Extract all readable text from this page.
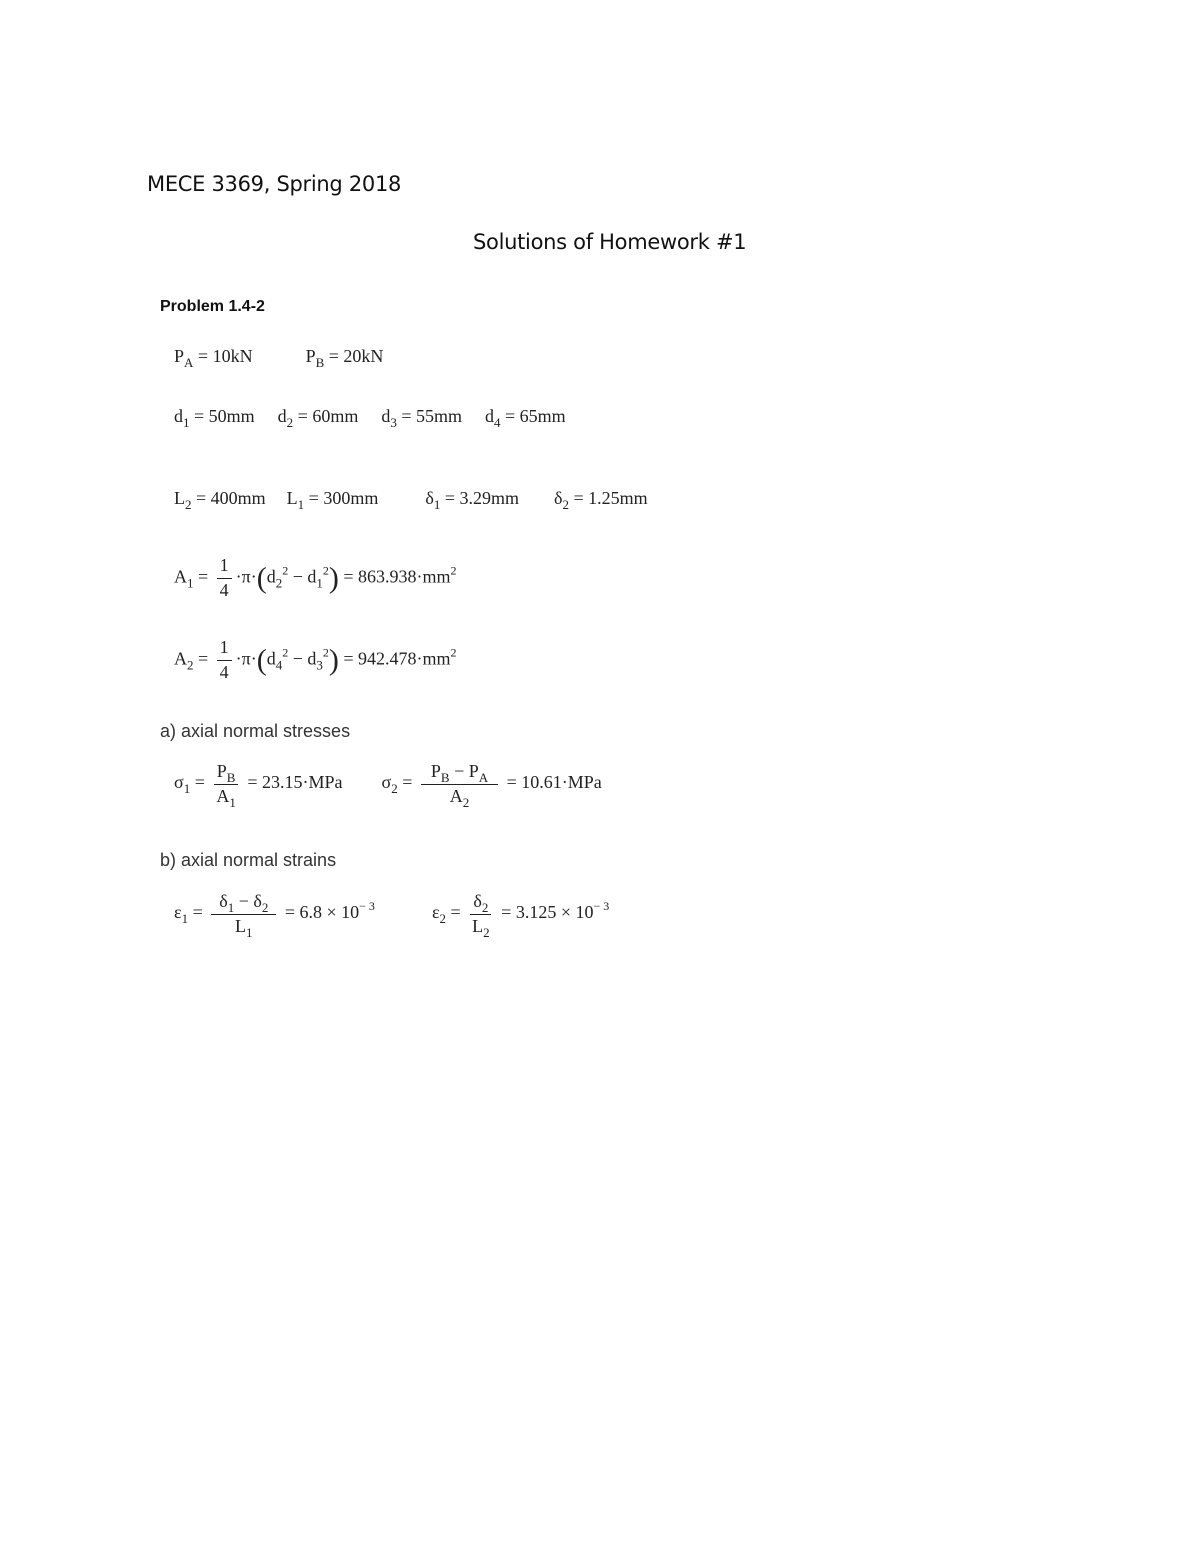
MECE 3369, Spring 2018
Solutions of Homework #1
Problem 1.4-2
$P_A = 10kN$	$P_B = 20kN$
$d_1 = 50mm$ $d_2 = 60mm$ $d_3 = 55mm$ $d_4 = 65mm$
$L_2 = 400mm$ $L_1 = 300mm$	$\delta_1 = 3.29mm$ $\delta_2 = 1.25mm$
$A_1 = \frac{1}{4} \cdot\pi\cdot(d_2^2 - d_1^2) = 863.938\cdot mm^2$
$A_2 = \frac{1}{4} \cdot\pi\cdot(d_4^2 - d_3^2) = 942.478\cdot mm^2$
a) axial normal stresses
$\sigma_1 = \frac{P_B}{A_1} = 23.15\cdot MPa$ $\sigma_2 = \frac{P_B - P_A}{A_2} = 10.61\cdot MPa$
b) axial normal strains
$\varepsilon_1 = \frac{\delta_1 - \delta_2}{L_1} = 6.8 \times 10^{- 3}$	$\varepsilon_2 = \frac{\delta_2}{L_2} = 3.125 \times 10^{- 3}$
